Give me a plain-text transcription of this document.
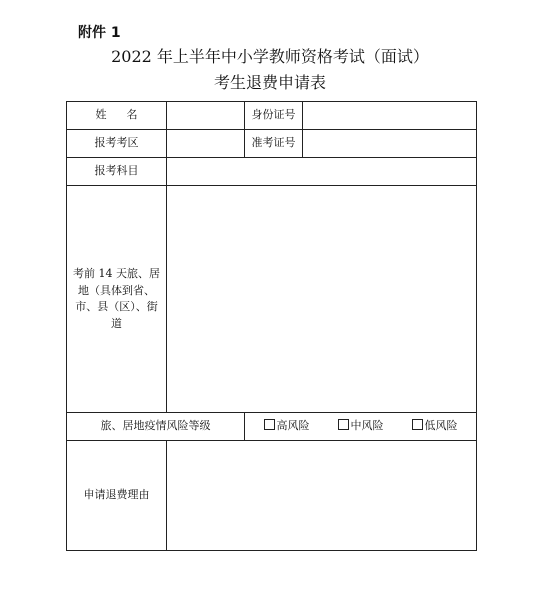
附件 1
2022 年上半年中小学教师资格考试（面试）
考生退费申请表
姓名		身份证号	
报考考区		准考证号	
报考科目			

考前 14 天旅、居地（具体到省、市、县（区）、街道			

旅、居地疫情风险等级		高风险 中风险 低风险	
申请退费理由			
